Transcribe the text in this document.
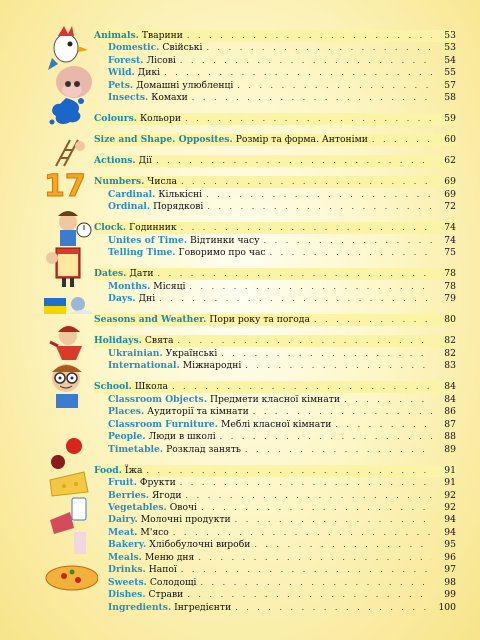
17
Animals. Тварини . . .	53
Domestic. Свійські . . .	53
Forest. Лісові . . .	54
Wild. Дикі . . .	55
Pets. Домашні улюбленці . . .	57
Insects. Комахи . . .	58
Colours. Кольори . . .	59
Size and Shape. Opposites. Розмір та форма. Антоніми . . .	60
Actions. Дії . . .	62
Numbers. Числа . . .	69
Cardinal. Кількісні . . .	69
Ordinal. Порядкові . . .	72
Clock. Годинник . . .	74
Unites of Time. Відтинки часу . . .	74
Telling Time. Говоримо про час . . .	75
Dates. Дати . . .	78
Months. Місяці . . .	78
Days. Дні . . .	79
Seasons and Weather. Пори року та погода . . .	80
Holidays. Свята . . .	82
Ukrainian. Українські . . .	82
International. Міжнародні . . .	83
School. Школа . . .	84
Classroom Objects. Предмети класної кімнати . . .	84
Places. Аудиторії та кімнати . . .	86
Classroom Furniture. Меблі класної кімнати . . .	87
People. Люди в школі . . .	88
Timetable. Розклад занять . . .	89
Food. Їжа . . .	91
Fruit. Фрукти . . .	91
Berries. Ягоди . . .	92
Vegetables. Овочі . . .	92
Dairy. Молочні продукти . . .	94
Meat. М'ясо . . .	94
Bakery. Хлібобулочні вироби . . .	95
Meals. Меню дня . . .	96
Drinks. Напої . . .	97
Sweets. Солодощі . . .	98
Dishes. Страви . . .	99
Ingredients. Інгредієнти . . .	100
